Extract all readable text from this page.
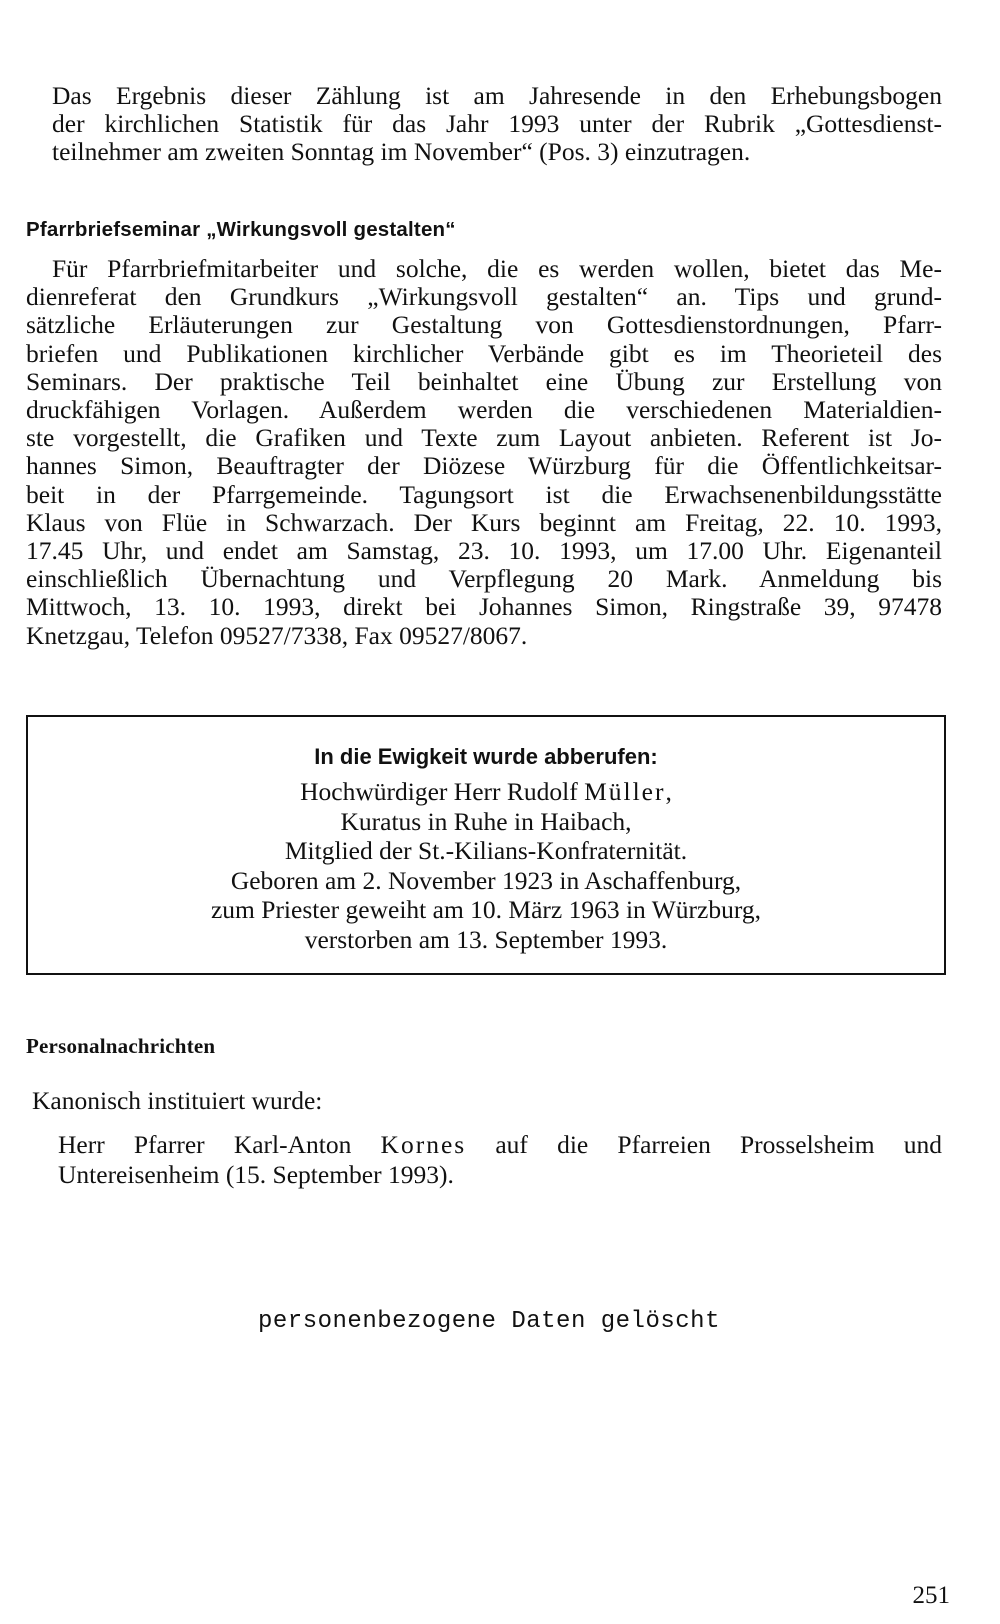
Das Ergebnis dieser Zählung ist am Jahresende in den Erhebungsbogen
der kirchlichen Statistik für das Jahr 1993 unter der Rubrik „Gottesdienst-
teilnehmer am zweiten Sonntag im November“ (Pos. 3) einzutragen.
Pfarrbriefseminar „Wirkungsvoll gestalten“
Für Pfarrbriefmitarbeiter und solche, die es werden wollen, bietet das Me-
dienreferat den Grundkurs „Wirkungsvoll gestalten“ an. Tips und grund-
sätzliche Erläuterungen zur Gestaltung von Gottesdienstordnungen, Pfarr-
briefen und Publikationen kirchlicher Verbände gibt es im Theorieteil des
Seminars. Der praktische Teil beinhaltet eine Übung zur Erstellung von
druckfähigen Vorlagen. Außerdem werden die verschiedenen Materialdien-
ste vorgestellt, die Grafiken und Texte zum Layout anbieten. Referent ist Jo-
hannes Simon, Beauftragter der Diözese Würzburg für die Öffentlichkeitsar-
beit in der Pfarrgemeinde. Tagungsort ist die Erwachsenenbildungsstätte
Klaus von Flüe in Schwarzach. Der Kurs beginnt am Freitag, 22. 10. 1993,
17.45 Uhr, und endet am Samstag, 23. 10. 1993, um 17.00 Uhr. Eigenanteil
einschließlich Übernachtung und Verpflegung 20 Mark. Anmeldung bis
Mittwoch, 13. 10. 1993, direkt bei Johannes Simon, Ringstraße 39, 97478
Knetzgau, Telefon 09527/7338, Fax 09527/8067.
In die Ewigkeit wurde abberufen:
Hochwürdiger Herr Rudolf Müller,
Kuratus in Ruhe in Haibach,
Mitglied der St.-Kilians-Konfraternität.
Geboren am 2. November 1923 in Aschaffenburg,
zum Priester geweiht am 10. März 1963 in Würzburg,
verstorben am 13. September 1993.
Personalnachrichten
Kanonisch instituiert wurde:
Herr Pfarrer Karl-Anton Kornes auf die Pfarreien Prosselsheim und
Untereisenheim (15. September 1993).
personenbezogene Daten gelöscht
251
